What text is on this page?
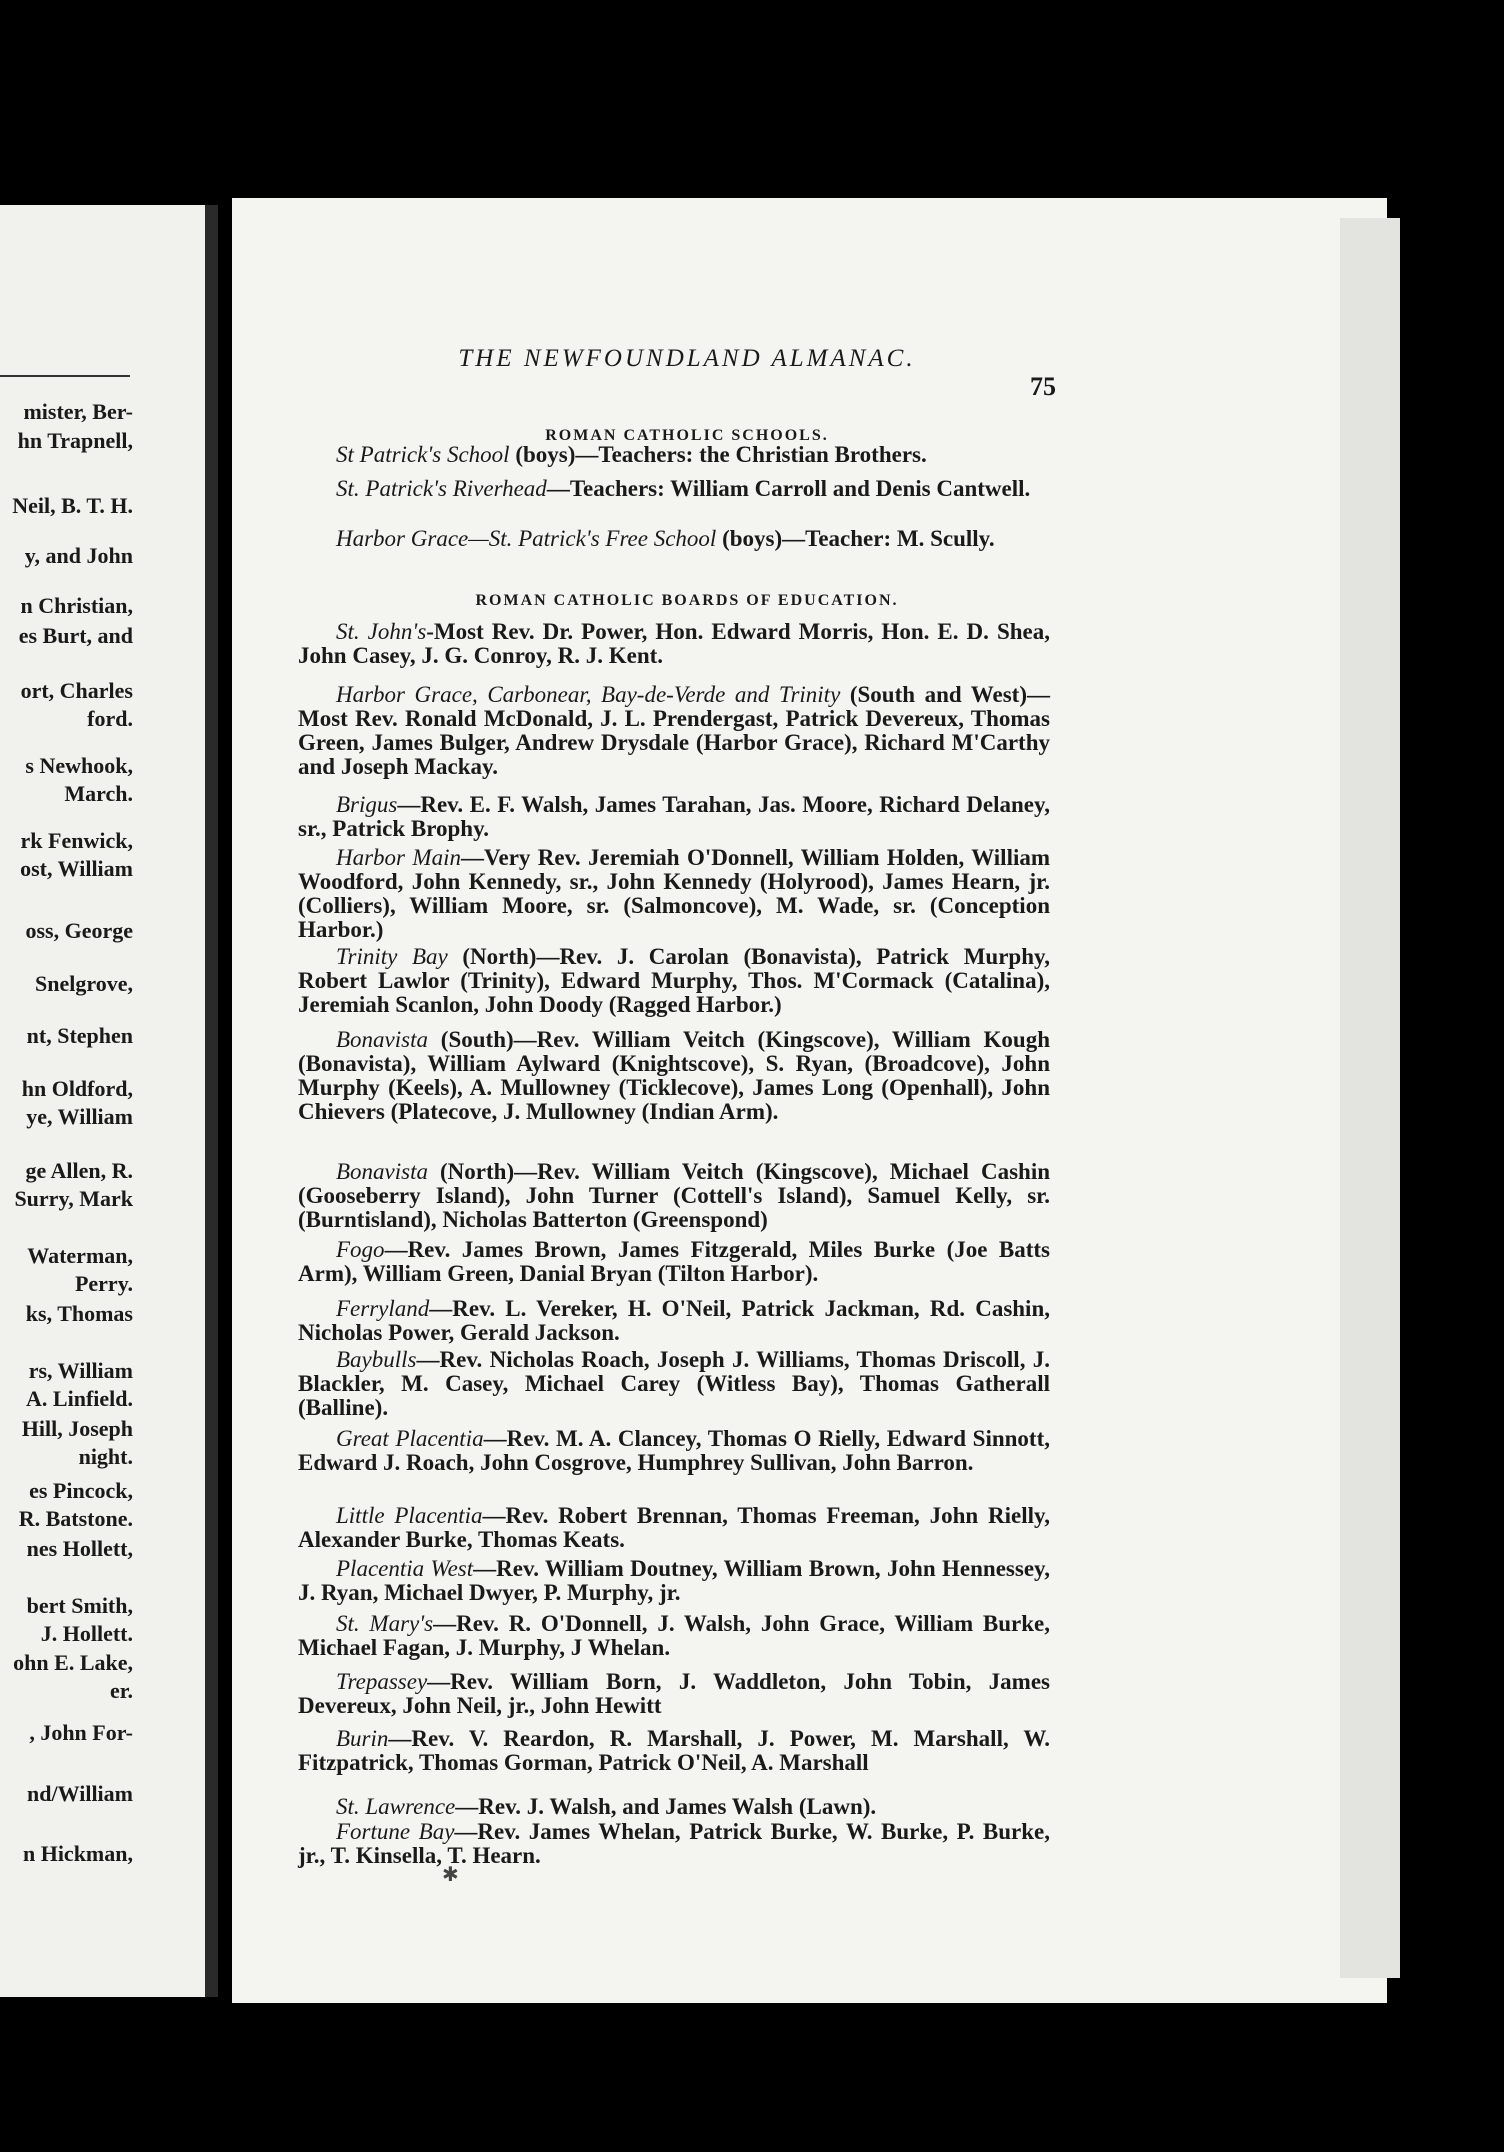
mister, Ber-
hn Trapnell,
Neil, B. T. H.
y, and John
n Christian,
es Burt, and
ort, Charles
ford.
s Newhook,
March.
rk Fenwick,
ost, William
oss, George
Snelgrove,
nt, Stephen
hn Oldford,
ye, William
ge Allen, R.
Surry, Mark
Waterman,
Perry.
ks, Thomas
rs, William
A. Linfield.
Hill, Joseph
night.
es Pincock,
R. Batstone.
nes Hollett,
bert Smith,
J. Hollett.
ohn E. Lake,
er.
, John For-
nd/William
n Hickman,
THE NEWFOUNDLAND ALMANAC.
75
ROMAN CATHOLIC SCHOOLS.
ROMAN CATHOLIC BOARDS OF EDUCATION.
St Patrick's School (boys)—Teachers: the Christian Brothers.
St. Patrick's Riverhead—Teachers: William Carroll and Denis Cantwell.
Harbor Grace—St. Patrick's Free School (boys)—Teacher: M. Scully.
St. John's-Most Rev. Dr. Power, Hon. Edward Morris, Hon. E. D. Shea, John Casey, J. G. Conroy, R. J. Kent.
Harbor Grace, Carbonear, Bay-de-Verde and Trinity (South and West)—Most Rev. Ronald McDonald, J. L. Prendergast, Patrick Devereux, Thomas Green, James Bulger, Andrew Drysdale (Harbor Grace), Richard M'Carthy and Joseph Mackay.
Brigus—Rev. E. F. Walsh, James Tarahan, Jas. Moore, Richard Delaney, sr., Patrick Brophy.
Harbor Main—Very Rev. Jeremiah O'Donnell, William Holden, William Woodford, John Kennedy, sr., John Kennedy (Holyrood), James Hearn, jr. (Colliers), William Moore, sr. (Salmoncove), M. Wade, sr. (Conception Harbor.)
Trinity Bay (North)—Rev. J. Carolan (Bonavista), Patrick Murphy, Robert Lawlor (Trinity), Edward Murphy, Thos. M'Cormack (Catalina), Jeremiah Scanlon, John Doody (Ragged Harbor.)
Bonavista (South)—Rev. William Veitch (Kingscove), William Kough (Bonavista), William Aylward (Knightscove), S. Ryan, (Broadcove), John Murphy (Keels), A. Mullowney (Ticklecove), James Long (Openhall), John Chievers (Platecove, J. Mullowney (Indian Arm).
Bonavista (North)—Rev. William Veitch (Kingscove), Michael Cashin (Gooseberry Island), John Turner (Cottell's Island), Samuel Kelly, sr. (Burntisland), Nicholas Batterton (Greenspond)
Fogo—Rev. James Brown, James Fitzgerald, Miles Burke (Joe Batts Arm), William Green, Danial Bryan (Tilton Harbor).
Ferryland—Rev. L. Vereker, H. O'Neil, Patrick Jackman, Rd. Cashin, Nicholas Power, Gerald Jackson.
Baybulls—Rev. Nicholas Roach, Joseph J. Williams, Thomas Driscoll, J. Blackler, M. Casey, Michael Carey (Witless Bay), Thomas Gatherall (Balline).
Great Placentia—Rev. M. A. Clancey, Thomas O Rielly, Edward Sinnott, Edward J. Roach, John Cosgrove, Humphrey Sullivan, John Barron.
Little Placentia—Rev. Robert Brennan, Thomas Freeman, John Rielly, Alexander Burke, Thomas Keats.
Placentia West—Rev. William Doutney, William Brown, John Hennessey, J. Ryan, Michael Dwyer, P. Murphy, jr.
St. Mary's—Rev. R. O'Donnell, J. Walsh, John Grace, William Burke, Michael Fagan, J. Murphy, J Whelan.
Trepassey—Rev. William Born, J. Waddleton, John Tobin, James Devereux, John Neil, jr., John Hewitt
Burin—Rev. V. Reardon, R. Marshall, J. Power, M. Marshall, W. Fitzpatrick, Thomas Gorman, Patrick O'Neil, A. Marshall
St. Lawrence—Rev. J. Walsh, and James Walsh (Lawn).
Fortune Bay—Rev. James Whelan, Patrick Burke, W. Burke, P. Burke, jr., T. Kinsella, T. Hearn.
✱
